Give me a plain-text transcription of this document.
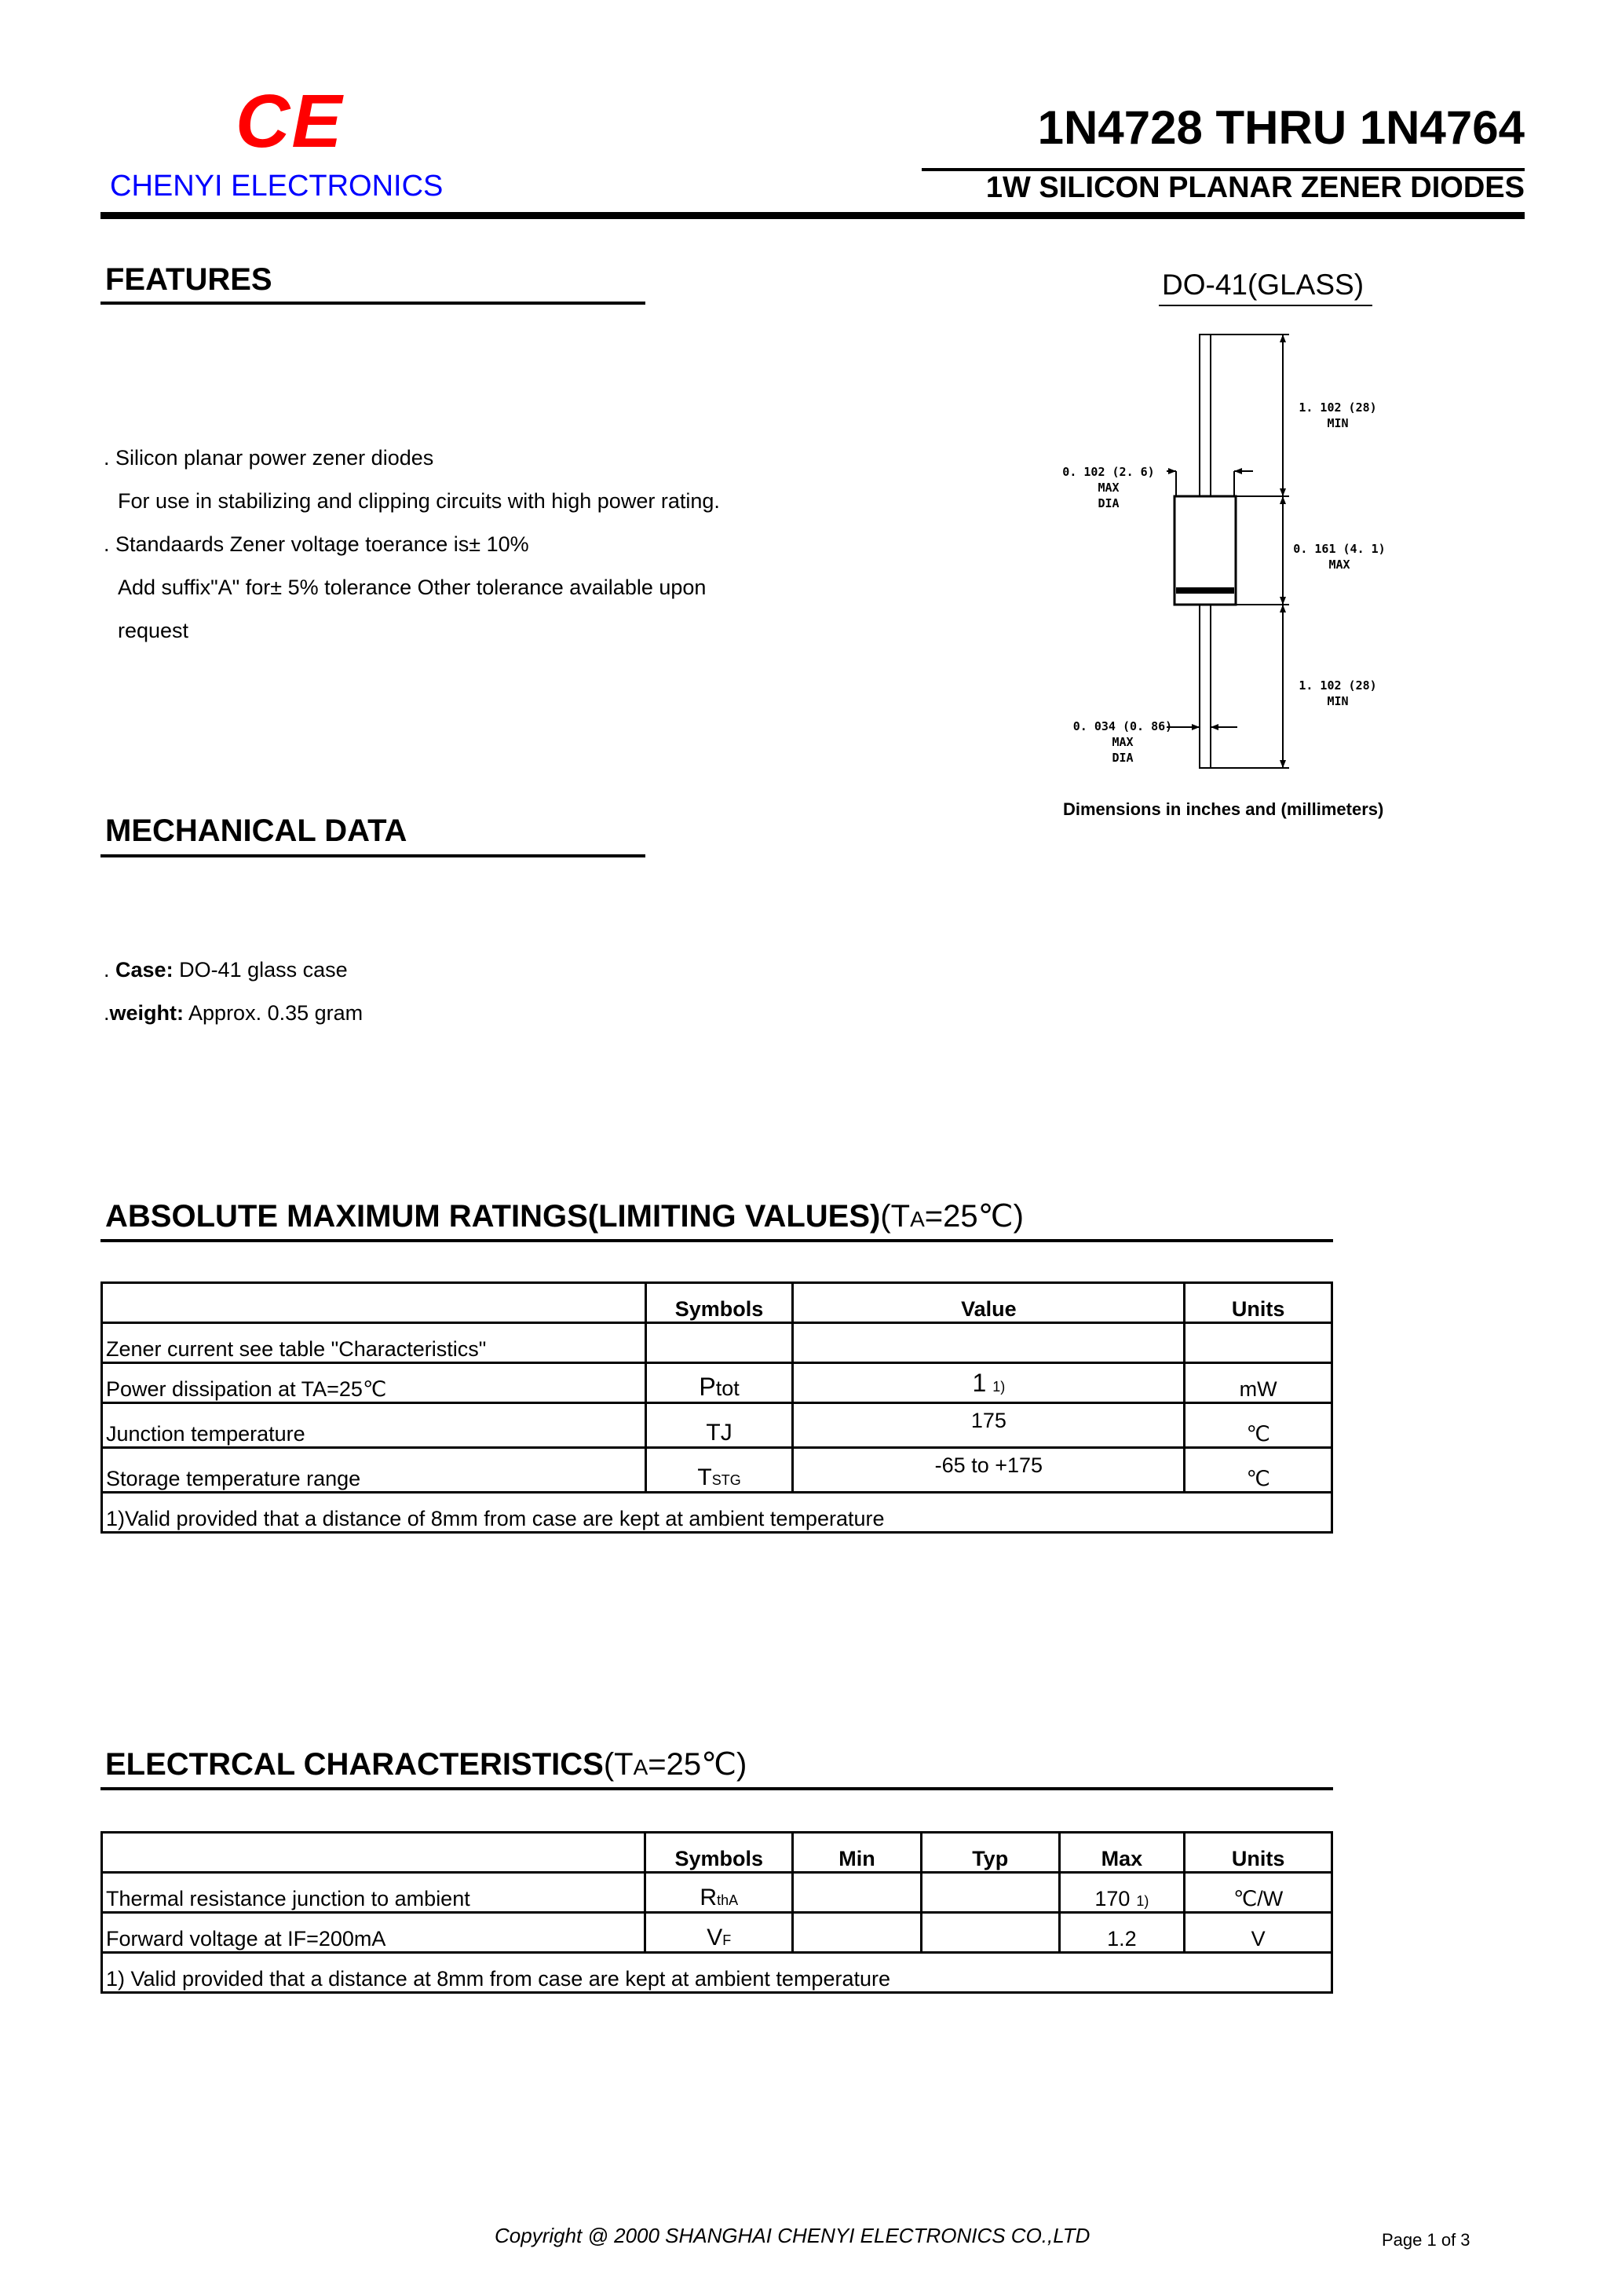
CE
CHENYI ELECTRONICS
1N4728 THRU 1N4764
1W SILICON PLANAR ZENER DIODES
FEATURES
. Silicon planar power zener diodes
For use in stabilizing and clipping circuits with high power rating.
. Standaards Zener voltage toerance is± 10%
Add suffix"A" for± 5% tolerance Other tolerance available upon
request
DO-41(GLASS)
1. 102 (28)
MIN
0. 102 (2. 6)
MAX
DIA
0. 161 (4. 1)
MAX
1. 102 (28)
MIN
0. 034 (0. 86)
MAX
DIA
Dimensions in inches and (millimeters)
MECHANICAL DATA
. Case: DO-41 glass case
.weight: Approx. 0.35 gram
ABSOLUTE MAXIMUM RATINGS(LIMITING VALUES)(TA=25℃)
	Symbols	Value	Units
Zener current see table "Characteristics"			
Power dissipation at TA=25℃	Ptot	1 1)	mW
Junction temperature	TJ	175	℃
Storage temperature range	TSTG	-65 to +175	℃
1)Valid provided that a distance of 8mm from case are kept at ambient temperature			
ELECTRCAL CHARACTERISTICS(TA=25℃)
	Symbols	Min	Typ	Max	Units
Thermal resistance junction to ambient	RthA			170 1)	℃/W
Forward voltage at IF=200mA	VF			1.2	V
1) Valid provided that a distance at 8mm from case are kept at ambient temperature					
Copyright @ 2000 SHANGHAI CHENYI ELECTRONICS CO.,LTD	Page 1 of 3
